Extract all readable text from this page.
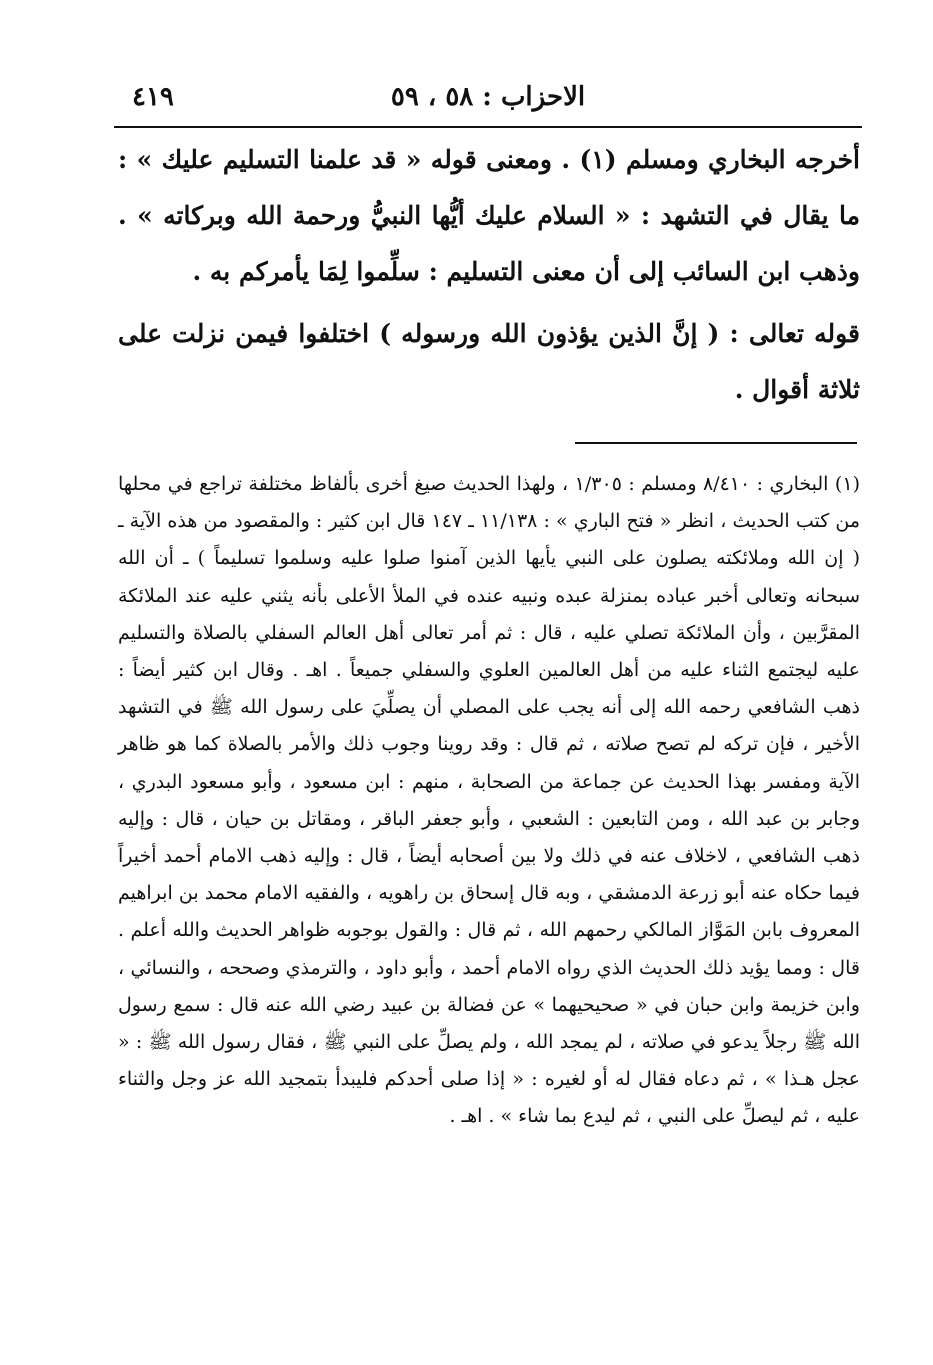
الاحزاب : ٥٨ ، ٥٩
٤١٩

أخرجه البخاري ومسلم (١) . ومعنى قوله « قد علمنا التسليم عليك » : ما يقال في التشهد : « السلام عليك أيُّها النبيُّ ورحمة الله وبركاته » . وذهب ابن السائب إلى أن معنى التسليم : سلِّموا لِمَا يأمركم به .

قوله تعالى : ( إنَّ الذين يؤذون الله ورسوله ) اختلفوا فيمن نزلت على ثلاثة أقوال .

(١) البخاري : ٨/٤١٠ ومسلم : ١/٣٠٥ ، ولهذا الحديث صيغ أخرى بألفاظ مختلفة تراجع في محلها من كتب الحديث ، انظر « فتح الباري » : ١١/١٣٨ ـ ١٤٧ قال ابن كثير : والمقصود من هذه الآية ـ ( إن الله وملائكته يصلون على النبي يأيها الذين آمنوا صلوا عليه وسلموا تسليماً ) ـ أن الله سبحانه وتعالى أخبر عباده بمنزلة عبده ونبيه عنده في الملأ الأعلى بأنه يثني عليه عند الملائكة المقرَّبين ، وأن الملائكة تصلي عليه ، قال : ثم أمر تعالى أهل العالم السفلي بالصلاة والتسليم عليه ليجتمع الثناء عليه من أهل العالمين العلوي والسفلي جميعاً . اهـ . وقال ابن كثير أيضاً : ذهب الشافعي رحمه الله إلى أنه يجب على المصلي أن يصلِّيَ على رسول الله ﷺ في التشهد الأخير ، فإن تركه لم تصح صلاته ، ثم قال : وقد روينا وجوب ذلك والأمر بالصلاة كما هو ظاهر الآية ومفسر بهذا الحديث عن جماعة من الصحابة ، منهم : ابن مسعود ، وأبو مسعود البدري ، وجابر بن عبد الله ، ومن التابعين : الشعبي ، وأبو جعفر الباقر ، ومقاتل بن حيان ، قال : وإليه ذهب الشافعي ، لاخلاف عنه في ذلك ولا بين أصحابه أيضاً ، قال : وإليه ذهب الامام أحمد أخيراً فيما حكاه عنه أبو زرعة الدمشقي ، وبه قال إسحاق بن راهويه ، والفقيه الامام محمد بن ابراهيم المعروف بابن المَوَّاز المالكي رحمهم الله ، ثم قال : والقول بوجوبه ظواهر الحديث والله أعلم . قال : ومما يؤيد ذلك الحديث الذي رواه الامام أحمد ، وأبو داود ، والترمذي وصححه ، والنسائي ، وابن خزيمة وابن حبان في « صحيحيهما » عن فضالة بن عبيد رضي الله عنه قال : سمع رسول الله ﷺ رجلاً يدعو في صلاته ، لم يمجد الله ، ولم يصلِّ على النبي ﷺ ، فقال رسول الله ﷺ : « عجل هـذا » ، ثم دعاه فقال له أو لغيره : « إذا صلى أحدكم فليبدأ بتمجيد الله عز وجل والثناء عليه ، ثم ليصلِّ على النبي ، ثم ليدع بما شاء » . اهـ .
